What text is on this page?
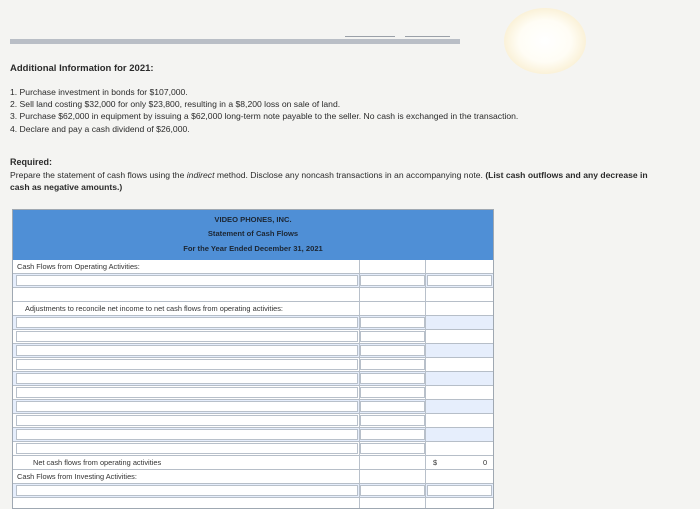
Additional Information for 2021:
1. Purchase investment in bonds for $107,000.
2. Sell land costing $32,000 for only $23,800, resulting in a $8,200 loss on sale of land.
3. Purchase $62,000 in equipment by issuing a $62,000 long-term note payable to the seller. No cash is exchanged in the transaction.
4. Declare and pay a cash dividend of $26,000.
Required:
Prepare the statement of cash flows using the indirect method. Disclose any noncash transactions in an accompanying note. (List cash outflows and any decrease in cash as negative amounts.)
VIDEO PHONES, INC.
Statement of Cash Flows
For the Year Ended December 31, 2021
Cash Flows from Operating Activities:
Adjustments to reconcile net income to net cash flows from operating activities:
Net cash flows from operating activities	$	0
Cash Flows from Investing Activities:
